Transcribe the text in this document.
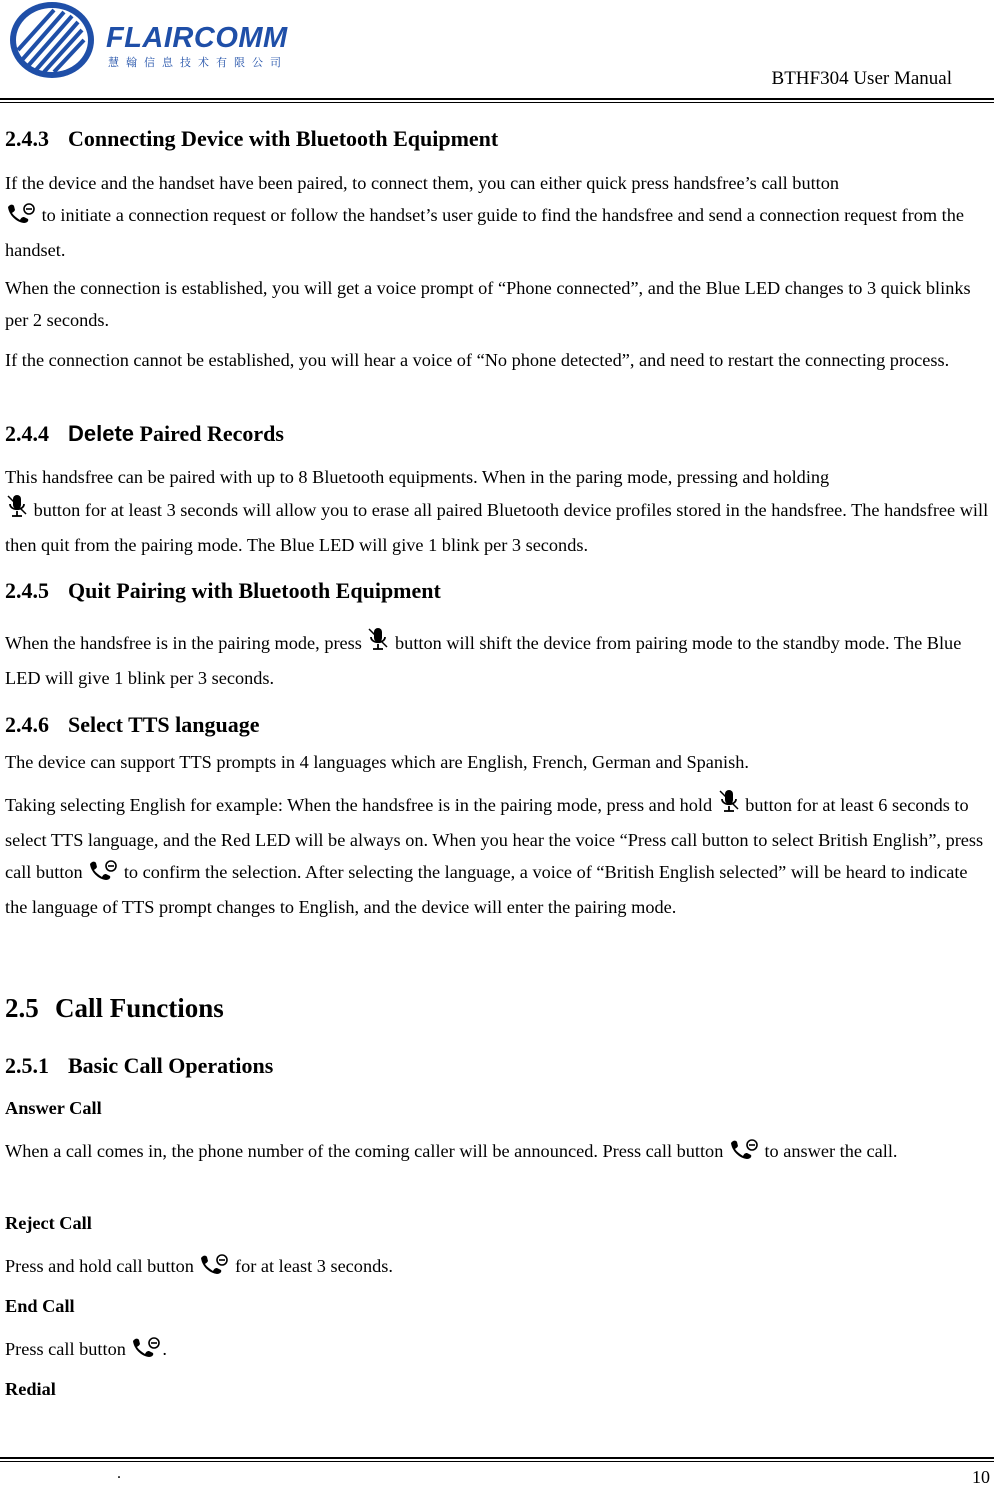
FLAIRCOMM
慧翰信息技术有限公司
BTHF304 User Manual
2.4.3 Connecting Device with Bluetooth Equipment
If the device and the handset have been paired, to connect them, you can either quick press handsfree’s call button
to initiate a connection request or follow the handset’s user guide to find the handsfree and send a connection request from the handset.
When the connection is established, you will get a voice prompt of “Phone connected”, and the Blue LED changes to 3 quick blinks per 2 seconds.
If the connection cannot be established, you will hear a voice of “No phone detected”, and need to restart the connecting process.
2.4.4 Delete Paired Records
This handsfree can be paired with up to 8 Bluetooth equipments. When in the paring mode, pressing and holding
button for at least 3 seconds will allow you to erase all paired Bluetooth device profiles stored in the handsfree. The handsfree will then quit from the pairing mode. The Blue LED will give 1 blink per 3 seconds.
2.4.5 Quit Pairing with Bluetooth Equipment
When the handsfree is in the pairing mode, press  button will shift the device from pairing mode to the standby mode. The Blue LED will give 1 blink per 3 seconds.
2.4.6 Select TTS language
The device can support TTS prompts in 4 languages which are English, French, German and Spanish.
Taking selecting English for example: When the handsfree is in the pairing mode, press and hold  button for at least 6 seconds to select TTS language, and the Red LED will be always on. When you hear the voice “Press call button to select British English”, press call button  to confirm the selection. After selecting the language, a voice of “British English selected” will be heard to indicate the language of TTS prompt changes to English, and the device will enter the pairing mode.
2.5 Call Functions
2.5.1 Basic Call Operations
Answer Call
When a call comes in, the phone number of the coming caller will be announced. Press call button  to answer the call.
Reject Call
Press and hold call button  for at least 3 seconds.
End Call
Press call button .
Redial
.	10
